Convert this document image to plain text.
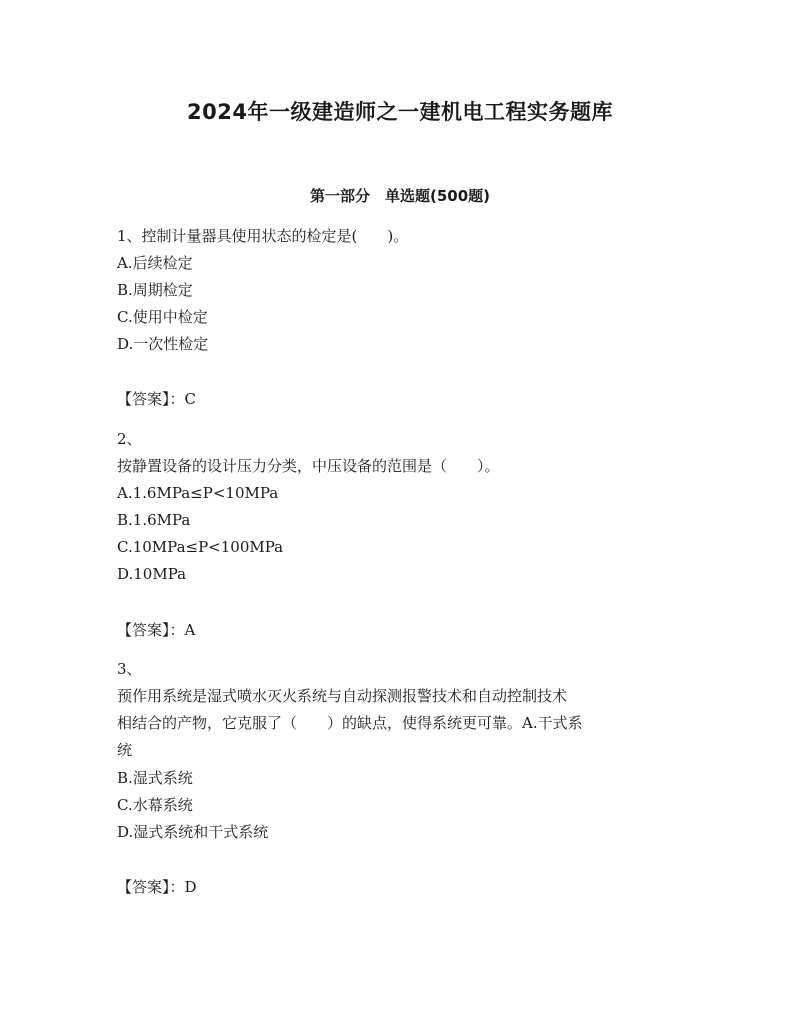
2024年一级建造师之一建机电工程实务题库
第一部分　单选题(500题)
1、控制计量器具使用状态的检定是(　　)。
A.后续检定
B.周期检定
C.使用中检定
D.一次性检定
【答案】：C
2、
按静置设备的设计压力分类，中压设备的范围是（　　）。
A.1.6MPa≤P<10MPa
B.1.6MPa
C.10MPa≤P<100MPa
D.10MPa
【答案】：A
3、
预作用系统是湿式喷水灭火系统与自动探测报警技术和自动控制技术
相结合的产物，它克服了（　　）的缺点，使得系统更可靠。A.干式系
统
B.湿式系统
C.水幕系统
D.湿式系统和干式系统
【答案】：D
